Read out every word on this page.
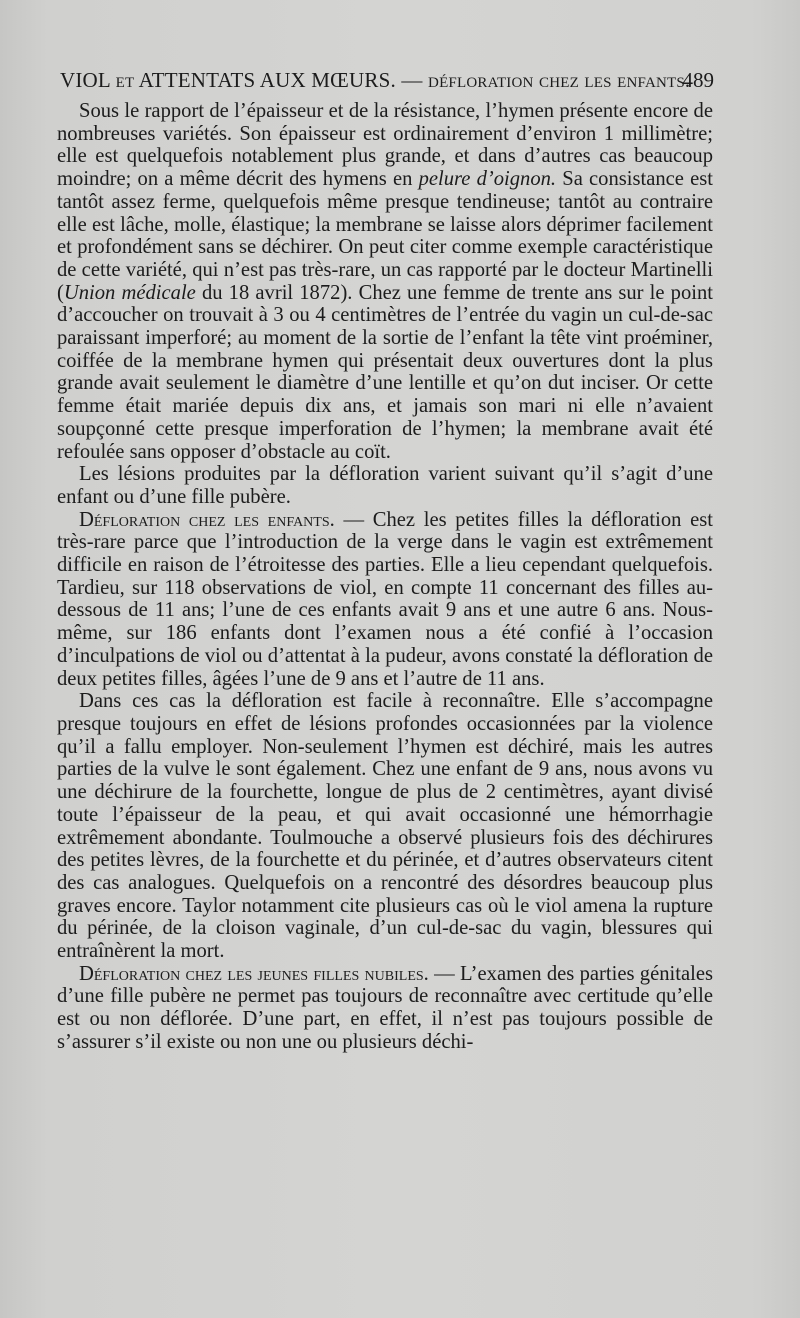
VIOL et ATTENTATS AUX MŒURS. — défloration chez les enfants.
489

Sous le rapport de l’épaisseur et de la résistance, l’hymen présente encore de nombreuses variétés. Son épaisseur est ordinairement d’environ 1 millimètre; elle est quelquefois notablement plus grande, et dans d’autres cas beaucoup moindre; on a même décrit des hymens en pelure d’oignon. Sa consistance est tantôt assez ferme, quelquefois même presque tendineuse; tantôt au contraire elle est lâche, molle, élastique; la membrane se laisse alors déprimer facilement et profondément sans se déchirer. On peut citer comme exemple caractéristique de cette variété, qui n’est pas très-rare, un cas rapporté par le docteur Martinelli (Union médicale du 18 avril 1872). Chez une femme de trente ans sur le point d’accoucher on trouvait à 3 ou 4 centimètres de l’entrée du vagin un cul-de-sac paraissant imperforé; au moment de la sortie de l’enfant la tête vint proéminer, coiffée de la membrane hymen qui présentait deux ouvertures dont la plus grande avait seulement le diamètre d’une lentille et qu’on dut inciser. Or cette femme était mariée depuis dix ans, et jamais son mari ni elle n’avaient soupçonné cette presque imperforation de l’hymen; la membrane avait été refoulée sans opposer d’obstacle au coït.

Les lésions produites par la défloration varient suivant qu’il s’agit d’une enfant ou d’une fille pubère.

Défloration chez les enfants. — Chez les petites filles la défloration est très-rare parce que l’introduction de la verge dans le vagin est extrêmement difficile en raison de l’étroitesse des parties. Elle a lieu cependant quelquefois. Tardieu, sur 118 observations de viol, en compte 11 concernant des filles au-dessous de 11 ans; l’une de ces enfants avait 9 ans et une autre 6 ans. Nous-même, sur 186 enfants dont l’examen nous a été confié à l’occasion d’inculpations de viol ou d’attentat à la pudeur, avons constaté la défloration de deux petites filles, âgées l’une de 9 ans et l’autre de 11 ans.

Dans ces cas la défloration est facile à reconnaître. Elle s’accompagne presque toujours en effet de lésions profondes occasionnées par la violence qu’il a fallu employer. Non-seulement l’hymen est déchiré, mais les autres parties de la vulve le sont également. Chez une enfant de 9 ans, nous avons vu une déchirure de la fourchette, longue de plus de 2 centimètres, ayant divisé toute l’épaisseur de la peau, et qui avait occasionné une hémorrhagie extrêmement abondante. Toulmouche a observé plusieurs fois des déchirures des petites lèvres, de la fourchette et du périnée, et d’autres observateurs citent des cas analogues. Quelquefois on a rencontré des désordres beaucoup plus graves encore. Taylor notamment cite plusieurs cas où le viol amena la rupture du périnée, de la cloison vaginale, d’un cul-de-sac du vagin, blessures qui entraînèrent la mort.

Défloration chez les jeunes filles nubiles. — L’examen des parties génitales d’une fille pubère ne permet pas toujours de reconnaître avec certitude qu’elle est ou non déflorée. D’une part, en effet, il n’est pas toujours possible de s’assurer s’il existe ou non une ou plusieurs déchi-
